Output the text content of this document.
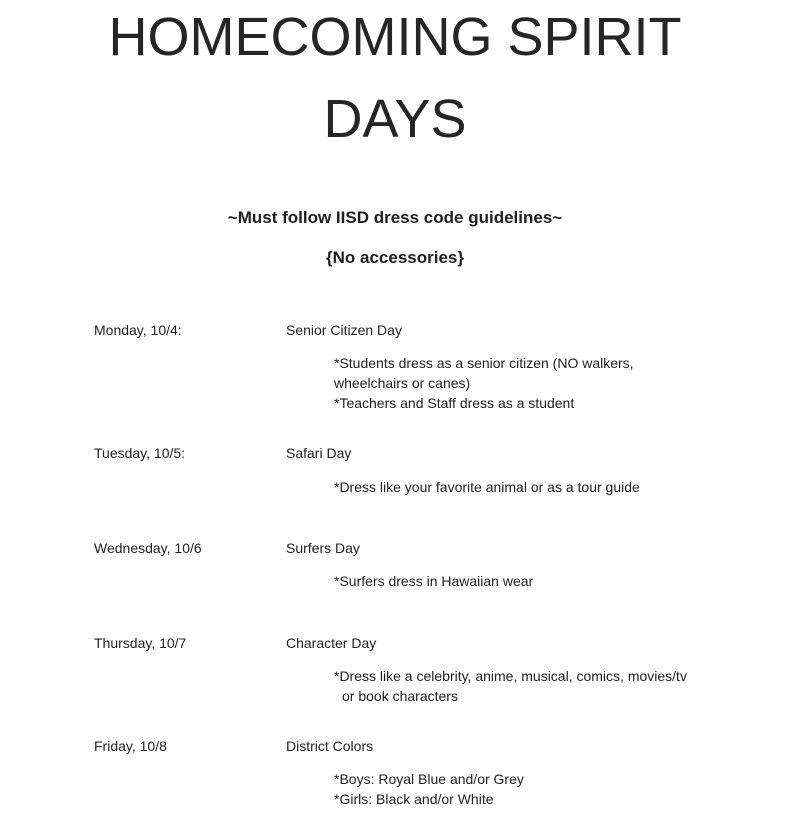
HOMECOMING SPIRIT
DAYS
~Must follow IISD dress code guidelines~
{No accessories}
Monday, 10/4:	Senior Citizen Day
*Students dress as a senior citizen (NO walkers,
wheelchairs or canes)
*Teachers and Staff dress as a student
Tuesday, 10/5:	Safari Day
*Dress like your favorite animal or as a tour guide
Wednesday, 10/6	Surfers Day
*Surfers dress in Hawaiian wear
Thursday, 10/7	Character Day
*Dress like a celebrity, anime, musical, comics, movies/tv
or book characters
Friday, 10/8	District Colors
*Boys: Royal Blue and/or Grey
*Girls: Black and/or White
